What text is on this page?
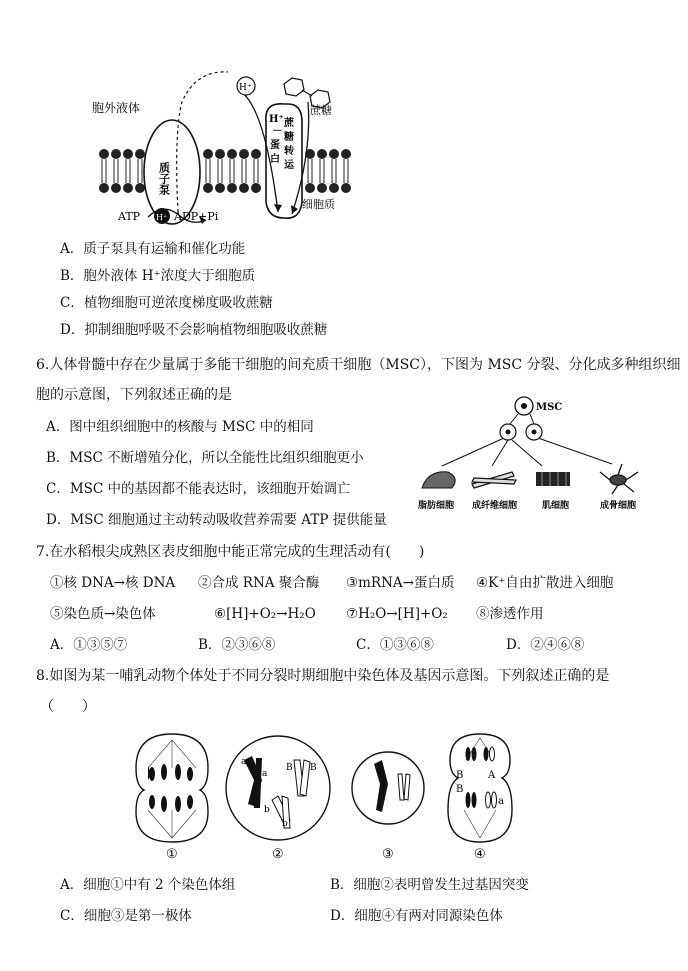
胞外液体
H⁺
蔗糖
质子泵
H⁺
－
蔗
糖
转
运
蛋
白
ATP H⁺ ADP+Pi
细胞质
A．质子泵具有运输和催化功能
B．胞外液体 H⁺浓度大于细胞质
C．植物细胞可逆浓度梯度吸收蔗糖
D．抑制细胞呼吸不会影响植物细胞吸收蔗糖
6.人体骨髓中存在少量属于多能干细胞的间充质干细胞（MSC），下图为 MSC 分裂、分化成多种组织细
胞的示意图，下列叙述正确的是
A．图中组织细胞中的核酸与 MSC 中的相同
B．MSC 不断增殖分化，所以全能性比组织细胞更小
C．MSC 中的基因都不能表达时，该细胞开始调亡
D．MSC 细胞通过主动转动吸收营养需要 ATP 提供能量
MSC
脂肪细胞 成纤维细胞	肌细胞	成骨细胞
7.在水稻根尖成熟区表皮细胞中能正常完成的生理活动有(　　)
①核 DNA→核 DNA ②合成 RNA 聚合酶 ③mRNA→蛋白质 ④K⁺自由扩散进入细胞
⑤染色质→染色体	⑥[H]+O₂→H₂O ⑦H₂O→[H]+O₂ ⑧渗透作用
A．①③⑤⑦	B．②③⑥⑧	C．①③⑥⑧	D．②④⑥⑧
8.如图为某一哺乳动物个体处于不同分裂时期细胞中染色体及基因示意图。下列叙述正确的是
（　　）
a
a
B B
b
b
B A
B
a
①	②	③	④
A．细胞①中有 2 个染色体组	B．细胞②表明曾发生过基因突变
C．细胞③是第一极体	D．细胞④有两对同源染色体
